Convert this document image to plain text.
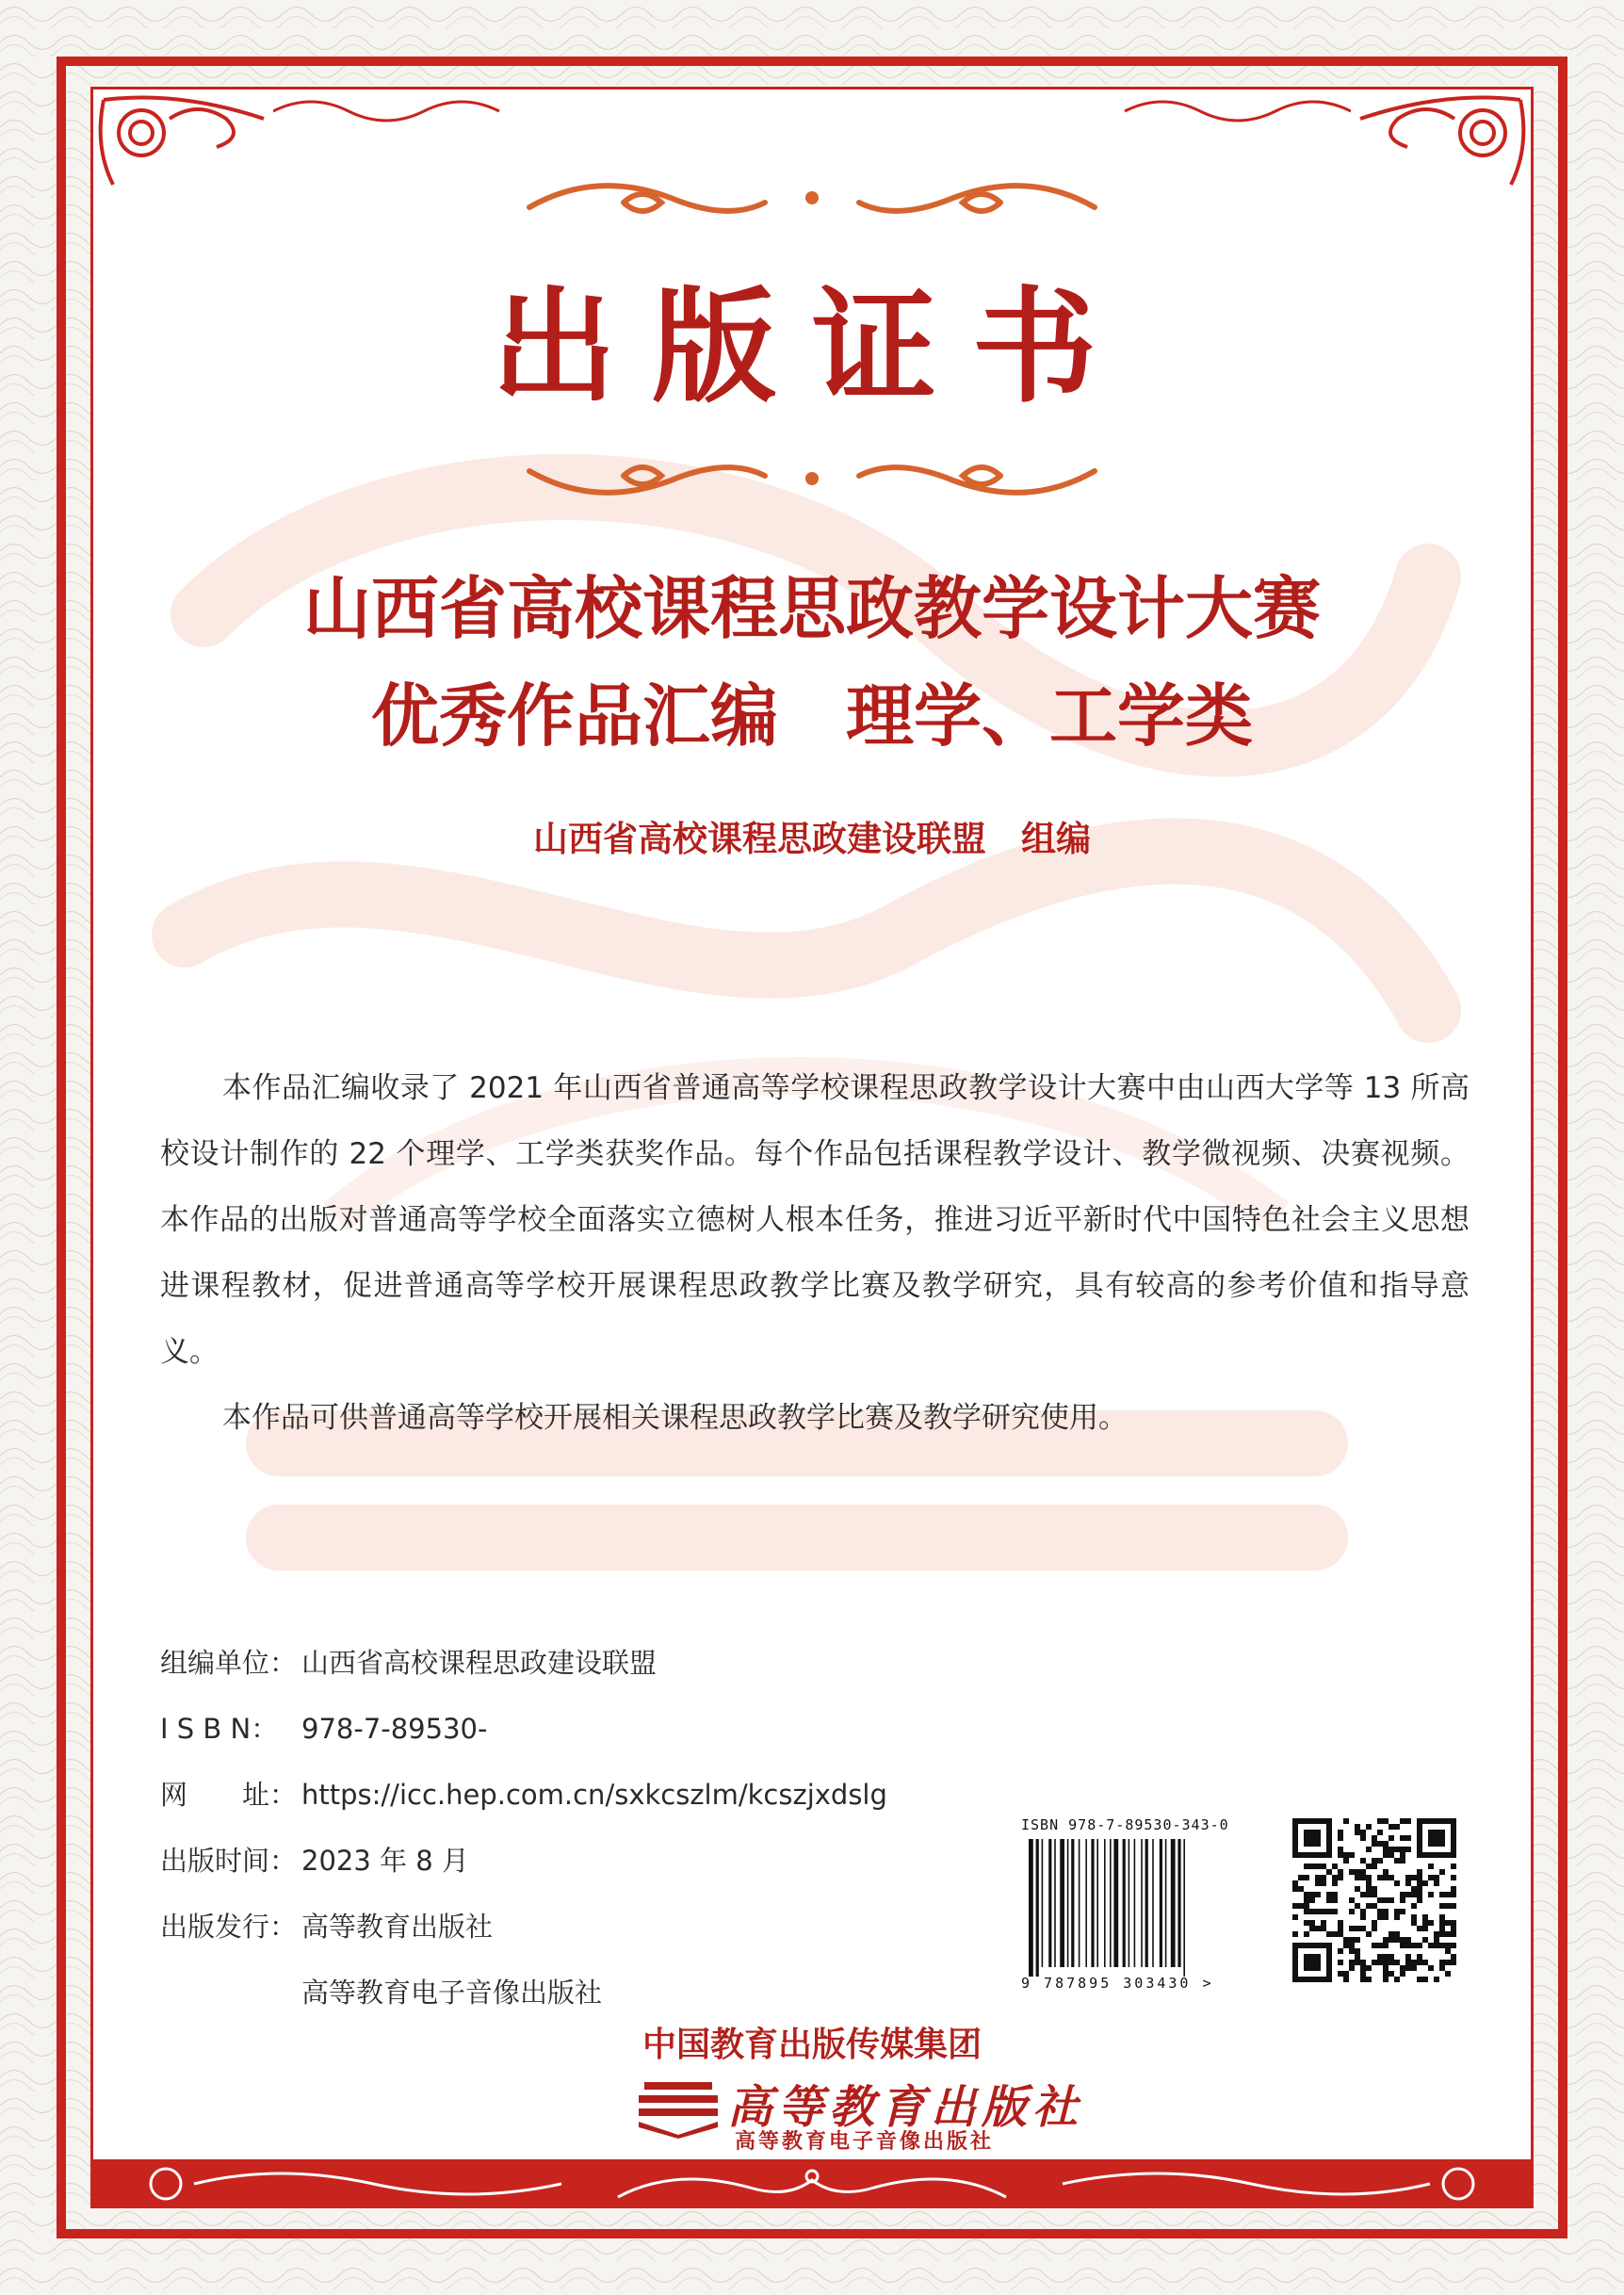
出版证书
山西省高校课程思政教学设计大赛
优秀作品汇编　理学、工学类
山西省高校课程思政建设联盟　组编

本作品汇编收录了 2021 年山西省普通高等学校课程思政教学设计大赛中由山西大学等 13 所高校设计制作的 22 个理学、工学类获奖作品。每个作品包括课程教学设计、教学微视频、决赛视频。本作品的出版对普通高等学校全面落实立德树人根本任务，推进习近平新时代中国特色社会主义思想进课程教材，促进普通高等学校开展课程思政教学比赛及教学研究，具有较高的参考价值和指导意义。

本作品可供普通高等学校开展相关课程思政教学比赛及教学研究使用。

组编单位： 山西省高校课程思政建设联盟
I S B N： 978-7-89530-
网　　址： https://icc.hep.com.cn/sxkcszlm/kcszjxdslg
出版时间： 2023 年 8 月
出版发行： 高等教育出版社
高等教育电子音像出版社
ISBN 978-7-89530-343-0
9 787895 303430 >
中国教育出版传媒集团
高等教育出版社
高等教育电子音像出版社
